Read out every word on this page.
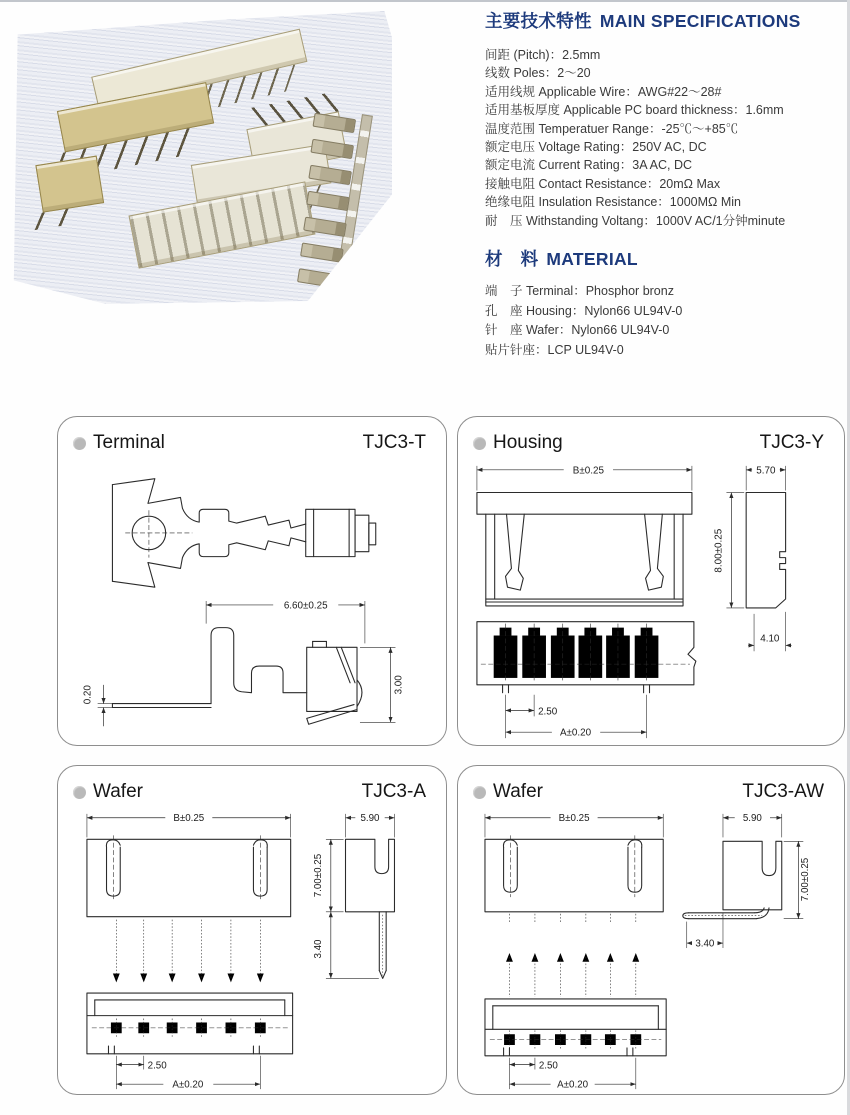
主要技术特性 MAIN SPECIFICATIONS
间距 (Pitch)：2.5mm
线数 Poles：2～20
适用线规 Applicable Wire：AWG#22～28#
适用基板厚度 Applicable PC board thickness：1.6mm
温度范围 Temperatuer Range：-25℃～+85℃
额定电压 Voltage Rating：250V AC, DC
额定电流 Current Rating：3A AC, DC
接触电阻 Contact Resistance：20mΩ Max
绝缘电阻 Insulation Resistance：1000MΩ Min
耐　压 Withstanding Voltang：1000V AC/1分钟minute
材　料 MATERIAL
端　子 Terminal：Phosphor bronz
孔　座 Housing：Nylon66 UL94V-0
针　座 Wafer：Nylon66 UL94V-0
贴片针座：LCP UL94V-0
Terminal	TJC3-T
6.60±0.25
0.20
3.00
Housing	TJC3-Y
B±0.25	5.70
8.00±0.25
4.10
2.50
A±0.20
Wafer	TJC3-A
B±0.25	5.90
7.00±0.25
3.40
2.50
A±0.20
Wafer	TJC3-AW
B±0.25	5.90
7.00±0.25
3.40
2.50
A±0.20
